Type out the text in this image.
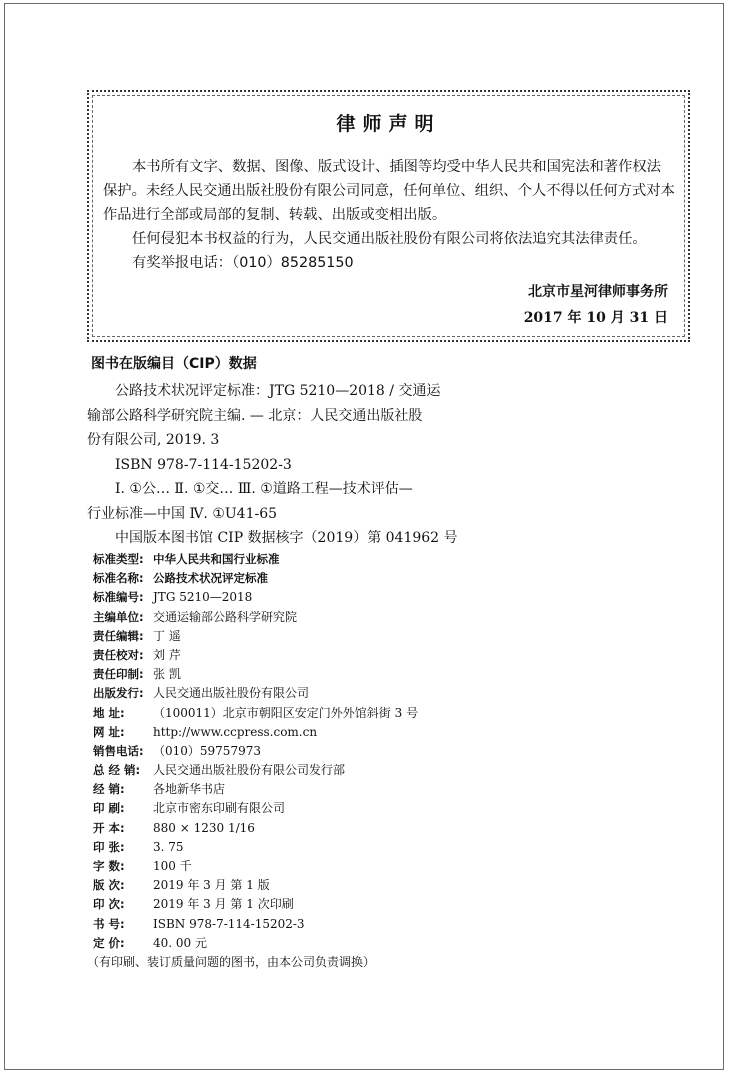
律师声明
本书所有文字、数据、图像、版式设计、插图等均受中华人民共和国宪法和著作权法保护。未经人民交通出版社股份有限公司同意，任何单位、组织、个人不得以任何方式对本作品进行全部或局部的复制、转载、出版或变相出版。
任何侵犯本书权益的行为，人民交通出版社股份有限公司将依法追究其法律责任。
有奖举报电话：（010）85285150
北京市星河律师事务所
2017 年 10 月 31 日
图书在版编目（CIP）数据
公路技术状况评定标准：JTG 5210—2018 / 交通运
输部公路科学研究院主编. — 北京：人民交通出版社股
份有限公司, 2019. 3
ISBN 978-7-114-15202-3
Ⅰ. ①公… Ⅱ. ①交… Ⅲ. ①道路工程—技术评估—
行业标准—中国 Ⅳ. ①U41-65
中国版本图书馆 CIP 数据核字（2019）第 041962 号
标准类型: 中华人民共和国行业标准
标准名称: 公路技术状况评定标准
标准编号: JTG 5210—2018
主编单位: 交通运输部公路科学研究院
责任编辑: 丁 遥
责任校对: 刘 芹
责任印制: 张 凯
出版发行: 人民交通出版社股份有限公司
地 址:	（100011）北京市朝阳区安定门外外馆斜街 3 号
网 址:	http://www.ccpress.com.cn
销售电话: （010）59757973
总 经 销:	人民交通出版社股份有限公司发行部
经 销:	各地新华书店
印 刷:	北京市密东印刷有限公司
开 本:	880 × 1230 1/16
印 张:	3. 75
字 数:	100 千
版 次:	2019 年 3 月 第 1 版
印 次:	2019 年 3 月 第 1 次印刷
书 号:	ISBN 978-7-114-15202-3
定 价:	40. 00 元
（有印刷、装订质量问题的图书，由本公司负责调换）
